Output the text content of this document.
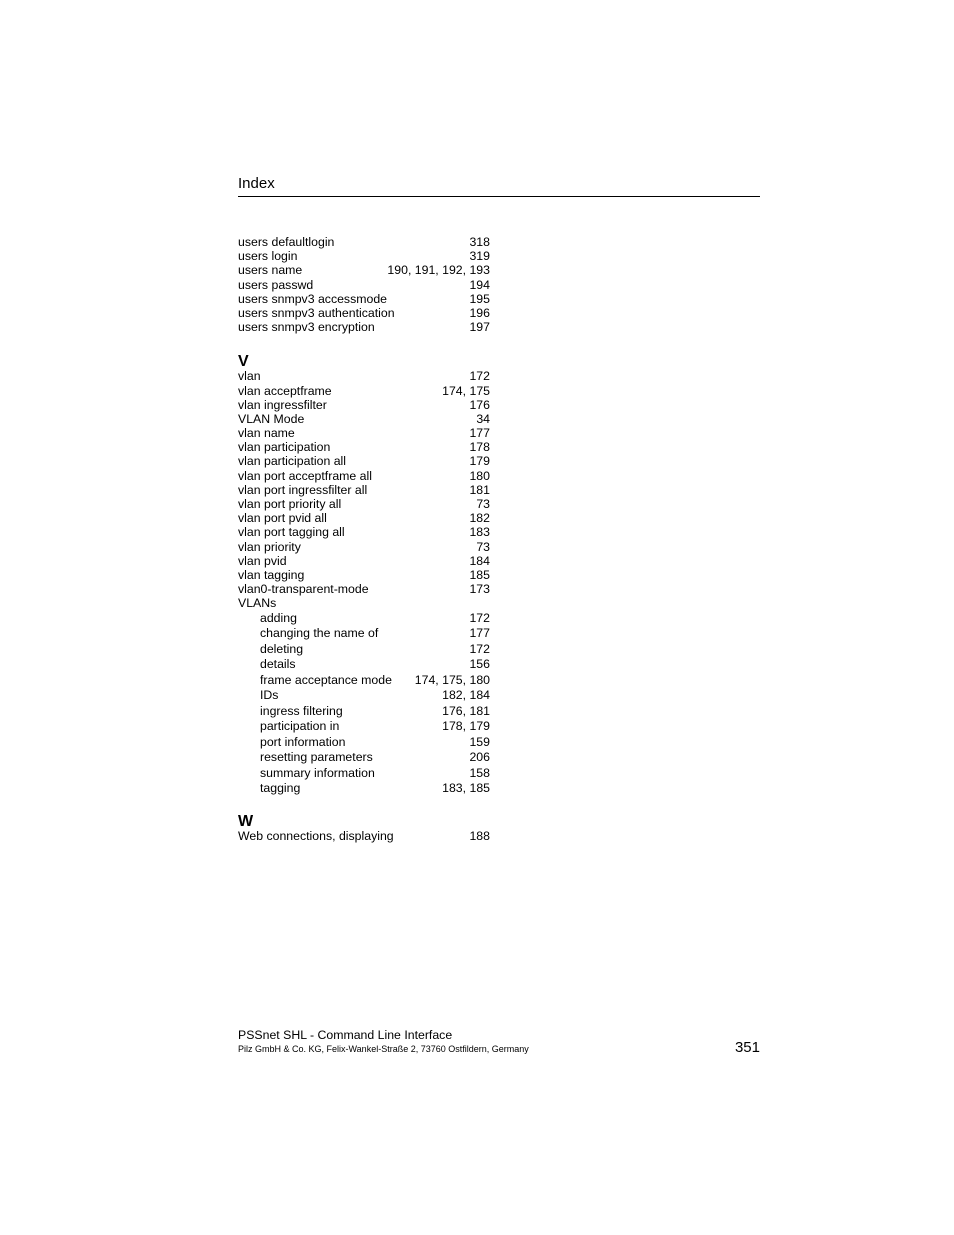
Index
users defaultlogin	318
users login	319
users name	190, 191, 192, 193
users passwd	194
users snmpv3 accessmode	195
users snmpv3 authentication	196
users snmpv3 encryption	197
V
vlan	172
vlan acceptframe	174, 175
vlan ingressfilter	176
VLAN Mode	34
vlan name	177
vlan participation	178
vlan participation all	179
vlan port acceptframe all	180
vlan port ingressfilter all	181
vlan port priority all	73
vlan port pvid all	182
vlan port tagging all	183
vlan priority	73
vlan pvid	184
vlan tagging	185
vlan0-transparent-mode	173
VLANs
adding	172
changing the name of	177
deleting	172
details	156
frame acceptance mode 174, 175, 180
IDs	182, 184
ingress filtering	176, 181
participation in	178, 179
port information	159
resetting parameters	206
summary information	158
tagging	183, 185
W
Web connections, displaying	188
PSSnet SHL - Command Line Interface
Pilz GmbH & Co. KG, Felix-Wankel-Straße 2, 73760 Ostfildern, Germany	351
